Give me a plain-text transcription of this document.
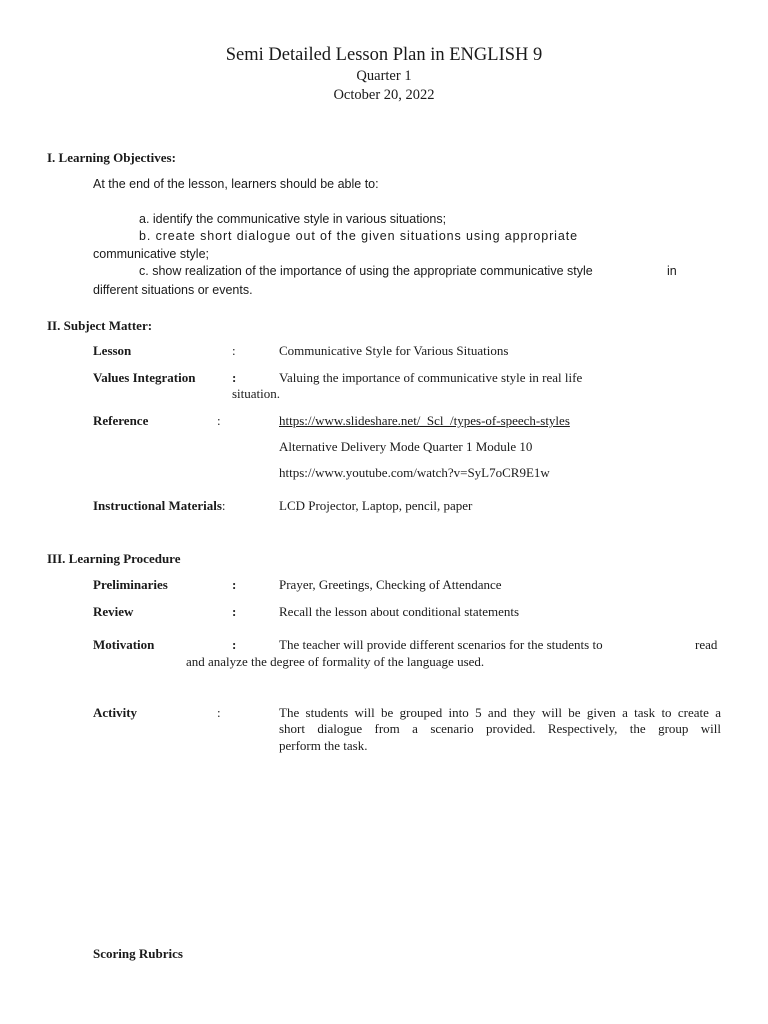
Semi Detailed Lesson Plan in ENGLISH 9
Quarter 1
October 20, 2022
I. Learning Objectives:
At the end of the lesson, learners should be able to:
a. identify the communicative style in various situations;
b. create short dialogue out of the given situations using appropriate
communicative style;
c. show realization of the importance of using the appropriate communicative style	in
different situations or events.
II. Subject Matter:
Lesson	:	Communicative Style for Various Situations
Values Integration	:	Valuing the importance of communicative style in real life
situation.
Reference	:	https://www.slideshare.net/_Scl_/types-of-speech-styles
Alternative Delivery Mode Quarter 1 Module 10
https://www.youtube.com/watch?v=SyL7oCR9E1w
Instructional Materials:	LCD Projector, Laptop, pencil, paper
III. Learning Procedure
Preliminaries	:	Prayer, Greetings, Checking of Attendance
Review	:	Recall the lesson about conditional statements
Motivation	:	The teacher will provide different scenarios for the students to	read
and analyze the degree of formality of the language used.
Activity	:	The students will be grouped into 5 and they will be given a task to create a
short dialogue from a scenario provided. Respectively, the group will
perform the task.
Scoring Rubrics
